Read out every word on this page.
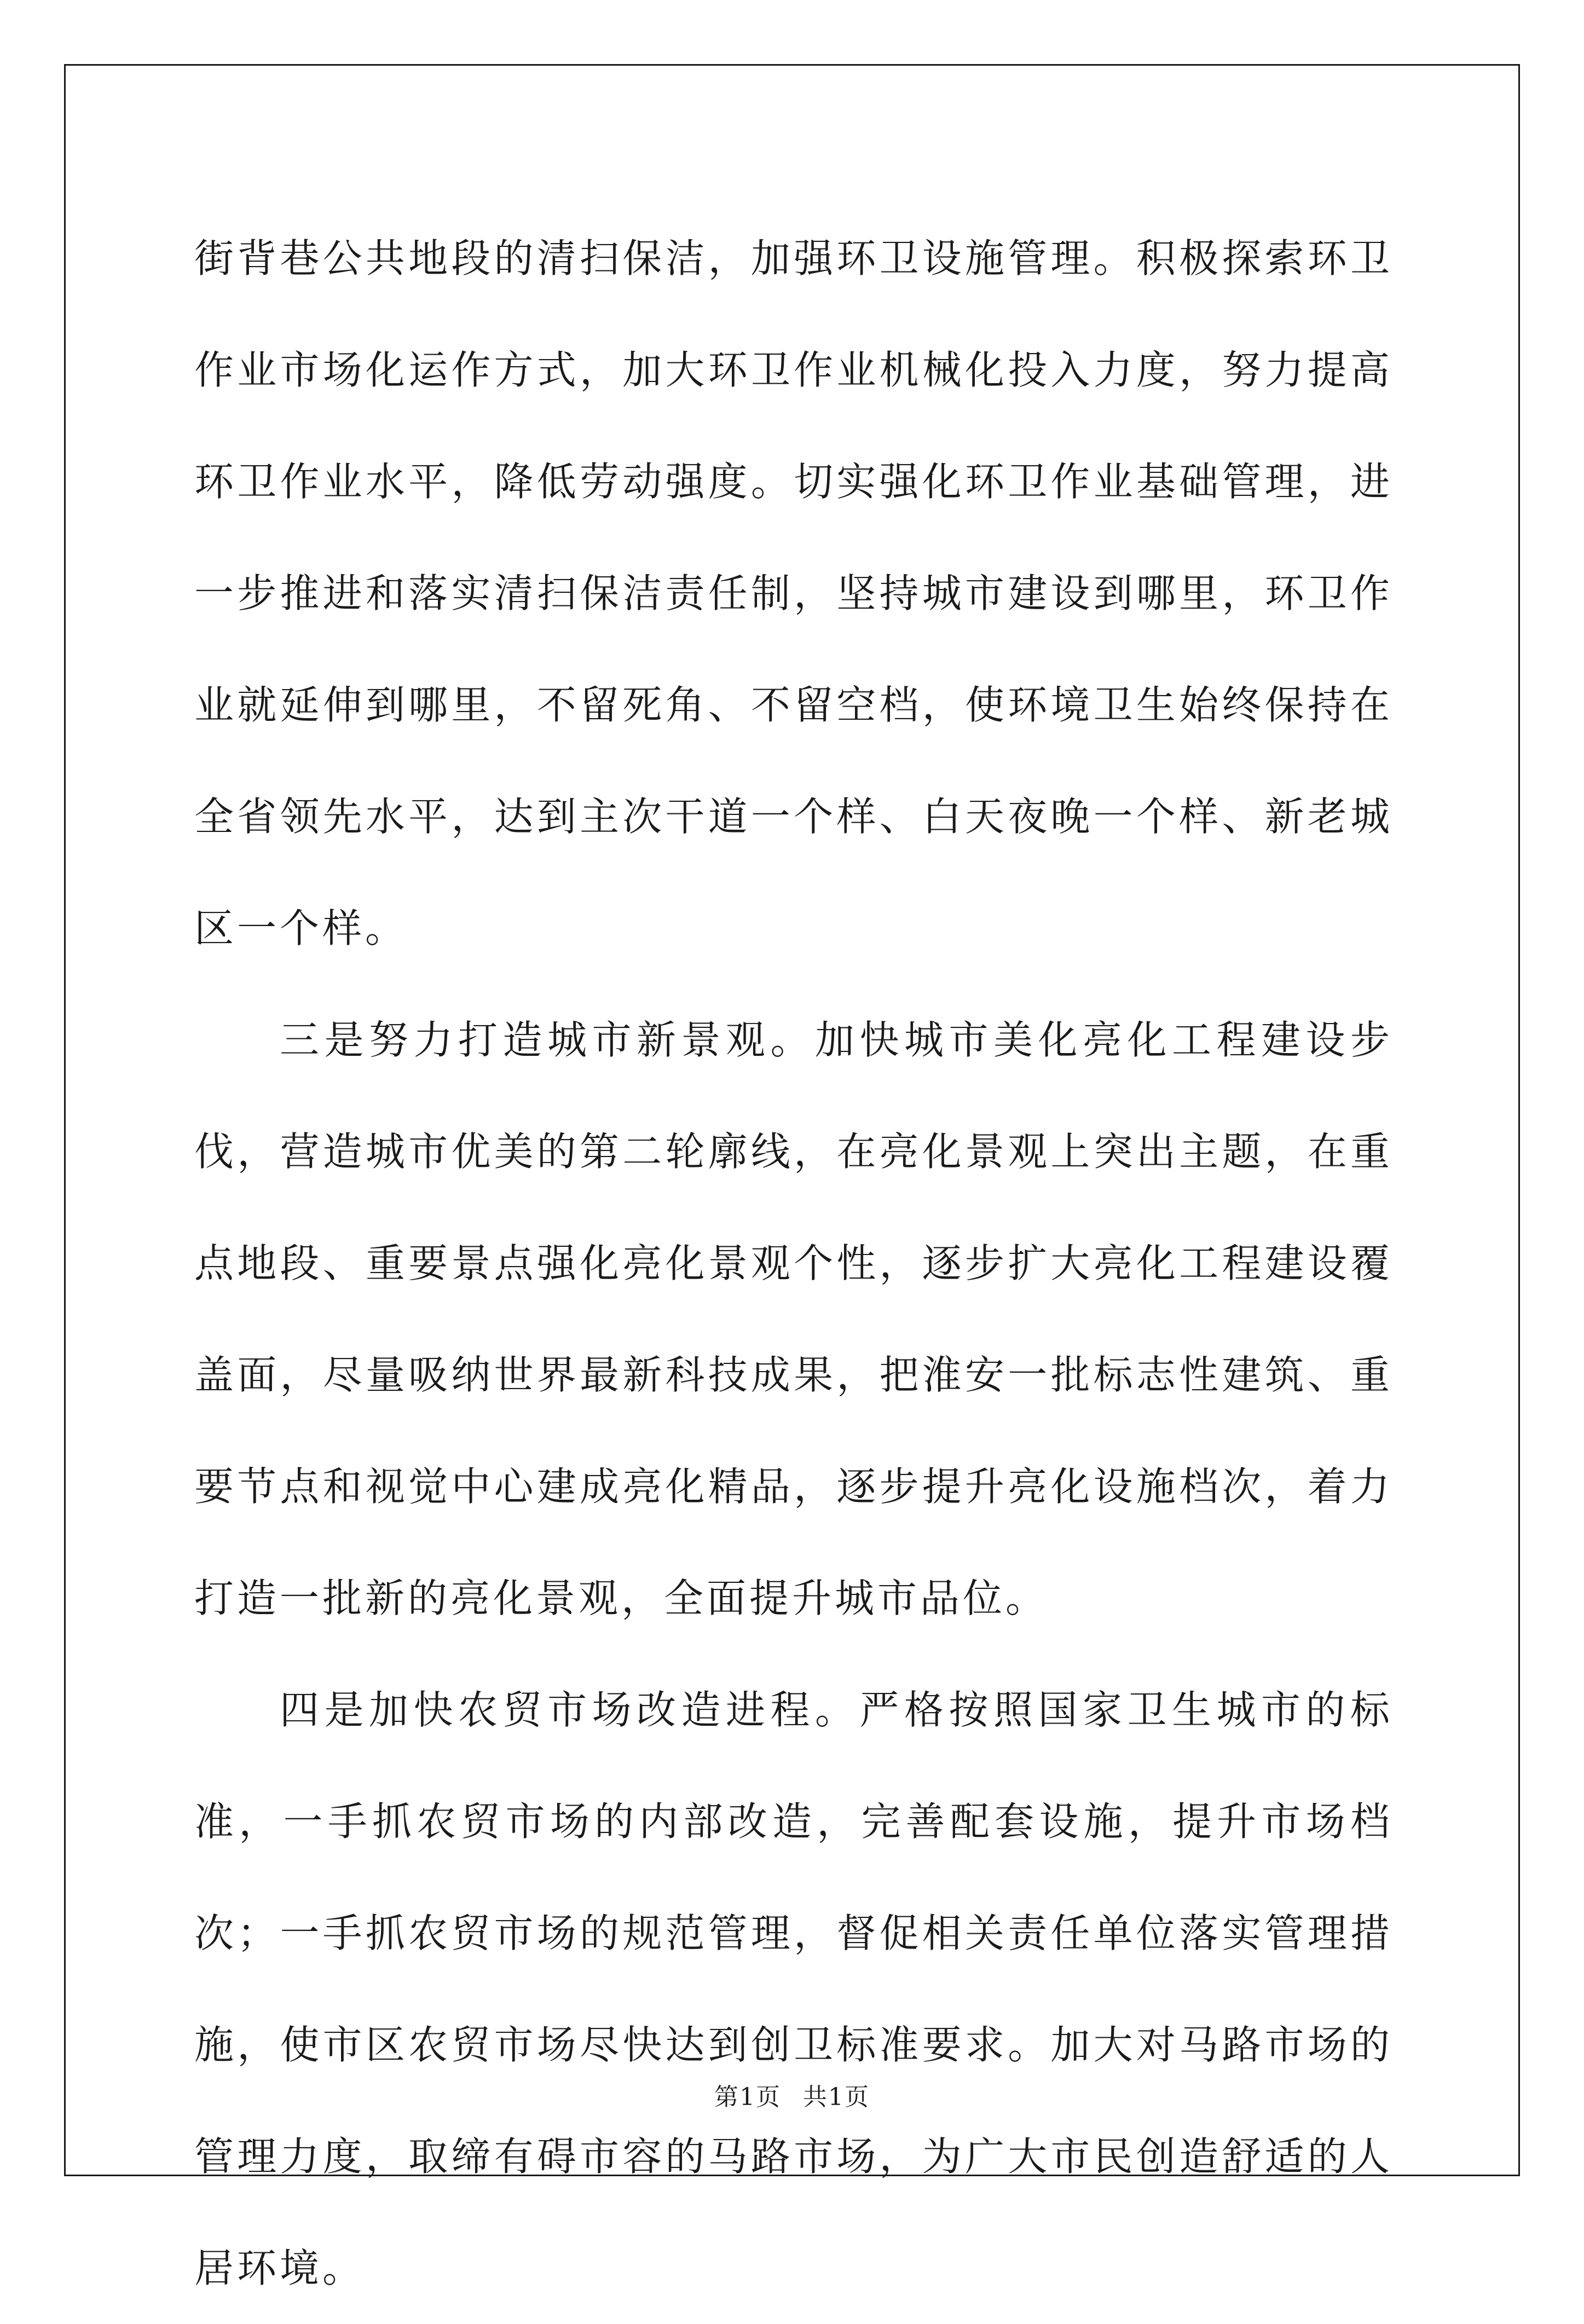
街背巷公共地段的清扫保洁，加强环卫设施管理。积极探索环卫作业市场化运作方式，加大环卫作业机械化投入力度，努力提高环卫作业水平，降低劳动强度。切实强化环卫作业基础管理，进一步推进和落实清扫保洁责任制，坚持城市建设到哪里，环卫作业就延伸到哪里，不留死角、不留空档，使环境卫生始终保持在全省领先水平，达到主次干道一个样、白天夜晚一个样、新老城区一个样。

三是努力打造城市新景观。加快城市美化亮化工程建设步伐，营造城市优美的第二轮廓线，在亮化景观上突出主题，在重点地段、重要景点强化亮化景观个性，逐步扩大亮化工程建设覆盖面，尽量吸纳世界最新科技成果，把淮安一批标志性建筑、重要节点和视觉中心建成亮化精品，逐步提升亮化设施档次，着力打造一批新的亮化景观，全面提升城市品位。

四是加快农贸市场改造进程。严格按照国家卫生城市的标准，一手抓农贸市场的内部改造，完善配套设施，提升市场档次；一手抓农贸市场的规范管理，督促相关责任单位落实管理措施，使市区农贸市场尽快达到创卫标准要求。加大对马路市场的管理力度，取缔有碍市容的马路市场，为广大市民创造舒适的人居环境。

第1页 共1页
